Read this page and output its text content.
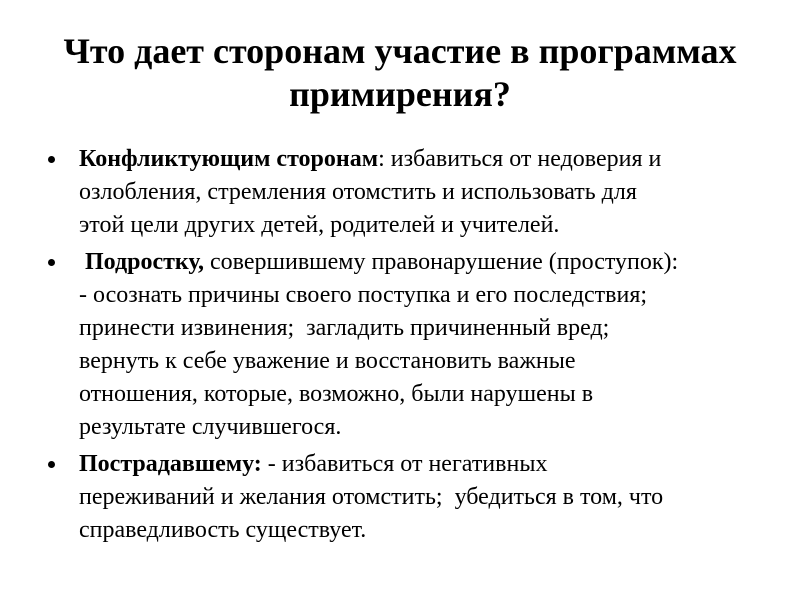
Что дает сторонам участие в программах
примирения?
Конфликтующим сторонам: избавиться от недоверия и
озлобления, стремления отомстить и использовать для
этой цели других детей, родителей и учителей.
Подростку, совершившему правонарушение (проступок):
- осознать причины своего поступка и его последствия;
принести извинения;  загладить причиненный вред;
вернуть к себе уважение и восстановить важные
отношения, которые, возможно, были нарушены в
результате случившегося.
Пострадавшему: - избавиться от негативных
переживаний и желания отомстить;  убедиться в том, что
справедливость существует.
